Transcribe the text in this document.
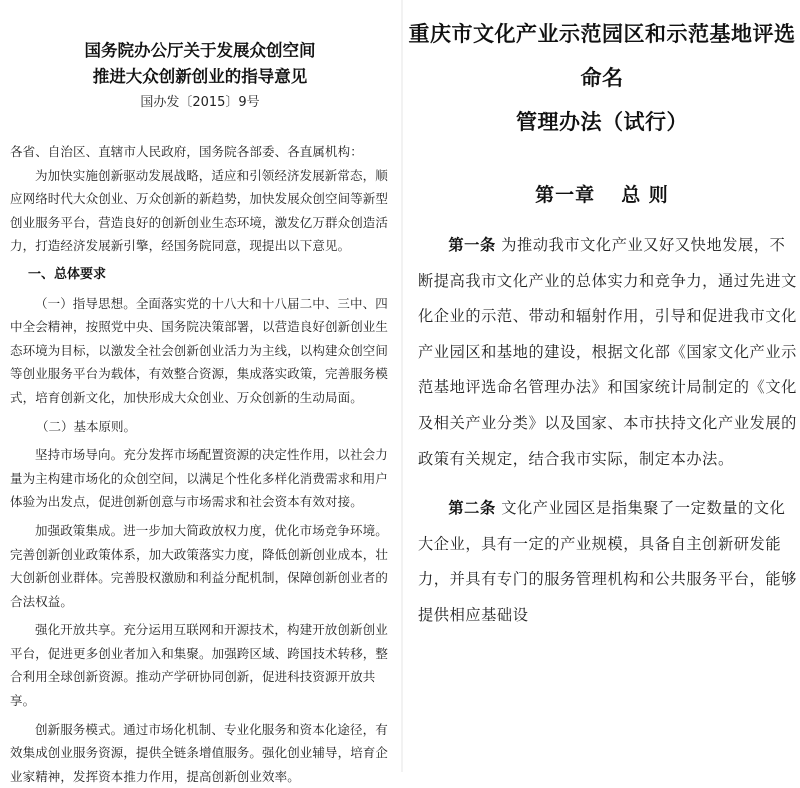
国务院办公厅关于发展众创空间
推进大众创新创业的指导意见
国办发〔2015〕9号

各省、自治区、直辖市人民政府，国务院各部委、各直属机构：

为加快实施创新驱动发展战略，适应和引领经济发展新常态，顺应网络时代大众创业、万众创新的新趋势，加快发展众创空间等新型创业服务平台，营造良好的创新创业生态环境，激发亿万群众创造活力，打造经济发展新引擎，经国务院同意，现提出以下意见。

一、总体要求

（一）指导思想。全面落实党的十八大和十八届二中、三中、四中全会精神，按照党中央、国务院决策部署，以营造良好创新创业生态环境为目标，以激发全社会创新创业活力为主线，以构建众创空间等创业服务平台为载体，有效整合资源，集成落实政策，完善服务模式，培育创新文化，加快形成大众创业、万众创新的生动局面。

（二）基本原则。

坚持市场导向。充分发挥市场配置资源的决定性作用，以社会力量为主构建市场化的众创空间，以满足个性化多样化消费需求和用户体验为出发点，促进创新创意与市场需求和社会资本有效对接。

加强政策集成。进一步加大简政放权力度，优化市场竞争环境。完善创新创业政策体系，加大政策落实力度，降低创新创业成本，壮大创新创业群体。完善股权激励和利益分配机制，保障创新创业者的合法权益。

强化开放共享。充分运用互联网和开源技术，构建开放创新创业平台，促进更多创业者加入和集聚。加强跨区域、跨国技术转移，整合利用全球创新资源。推动产学研协同创新，促进科技资源开放共享。

创新服务模式。通过市场化机制、专业化服务和资本化途径，有效集成创业服务资源，提供全链条增值服务。强化创业辅导，培育企业家精神，发挥资本推力作用，提高创新创业效率。

重庆市文化产业示范园区和示范基地评选命名
管理办法（试行）
第一章 总 则

第一条 为推动我市文化产业又好又快地发展，不断提高我市文化产业的总体实力和竞争力，通过先进文化企业的示范、带动和辐射作用，引导和促进我市文化产业园区和基地的建设，根据文化部《国家文化产业示范基地评选命名管理办法》和国家统计局制定的《文化及相关产业分类》以及国家、本市扶持文化产业发展的政策有关规定，结合我市实际，制定本办法。

第二条 文化产业园区是指集聚了一定数量的文化大企业，具有一定的产业规模，具备自主创新研发能力，并具有专门的服务管理机构和公共服务平台，能够提供相应基础设
